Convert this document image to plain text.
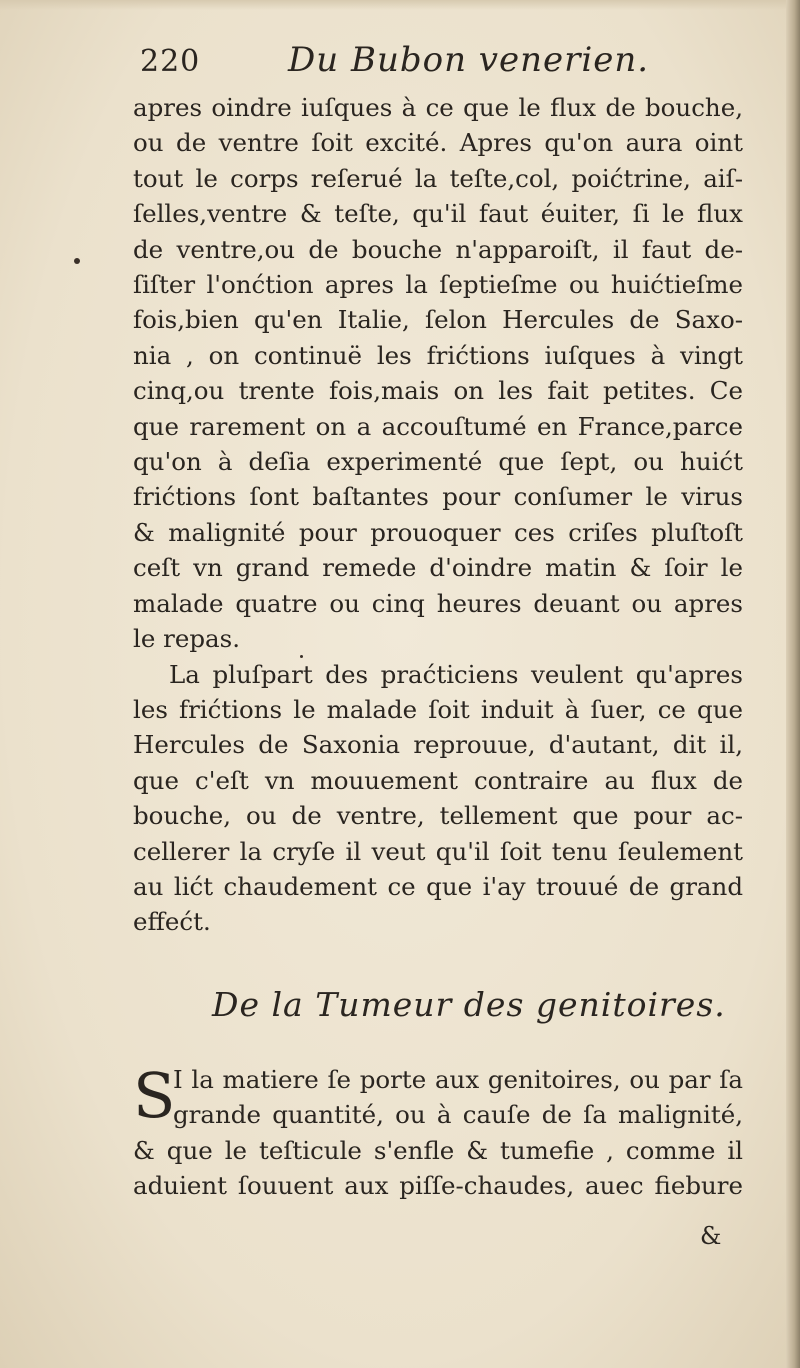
220	Du Bubon venerien.
apres oindre iuſques à ce que le flux de bouche,
ou de ventre ſoit excité. Apres qu'on aura oint
tout le corps reſerué la teſte,col, poićtrine, aiſ-
ſelles,ventre & teſte, qu'il faut éuiter, ſi le flux
de ventre,ou de bouche n'apparoiſt, il faut de-
ſiſter l'onćtion apres la ſeptieſme ou huićtieſme
fois,bien qu'en Italie, ſelon Hercules de Saxo-
nia , on continuë les frićtions iuſques à vingt
cinq,ou trente fois,mais on les fait petites. Ce
que rarement on a accouſtumé en France,parce
qu'on à deſia experimenté que ſept, ou huićt
frićtions ſont baſtantes pour conſumer le virus
& malignité pour prouoquer ces criſes pluſtoſt
ceſt vn grand remede d'oindre matin & ſoir le
malade quatre ou cinq heures deuant ou apres
le repas.
La pluſpart des praćticiens veulent qu'apres
les frićtions le malade ſoit induit à ſuer, ce que
Hercules de Saxonia reprouue, d'autant, dit il,
que c'eſt vn mouuement contraire au flux de
bouche, ou de ventre, tellement que pour ac-
cellerer la cryſe il veut qu'il ſoit tenu ſeulement
au lićt chaudement ce que i'ay trouué de grand
effećt.
De la Tumeur des genitoires.
S
I la matiere ſe porte aux genitoires, ou par ſa
grande quantité, ou à cauſe de ſa malignité,
& que le teſticule s'enfle & tumefie , comme il
aduient ſouuent aux piſſe-chaudes, auec fiebure
&
